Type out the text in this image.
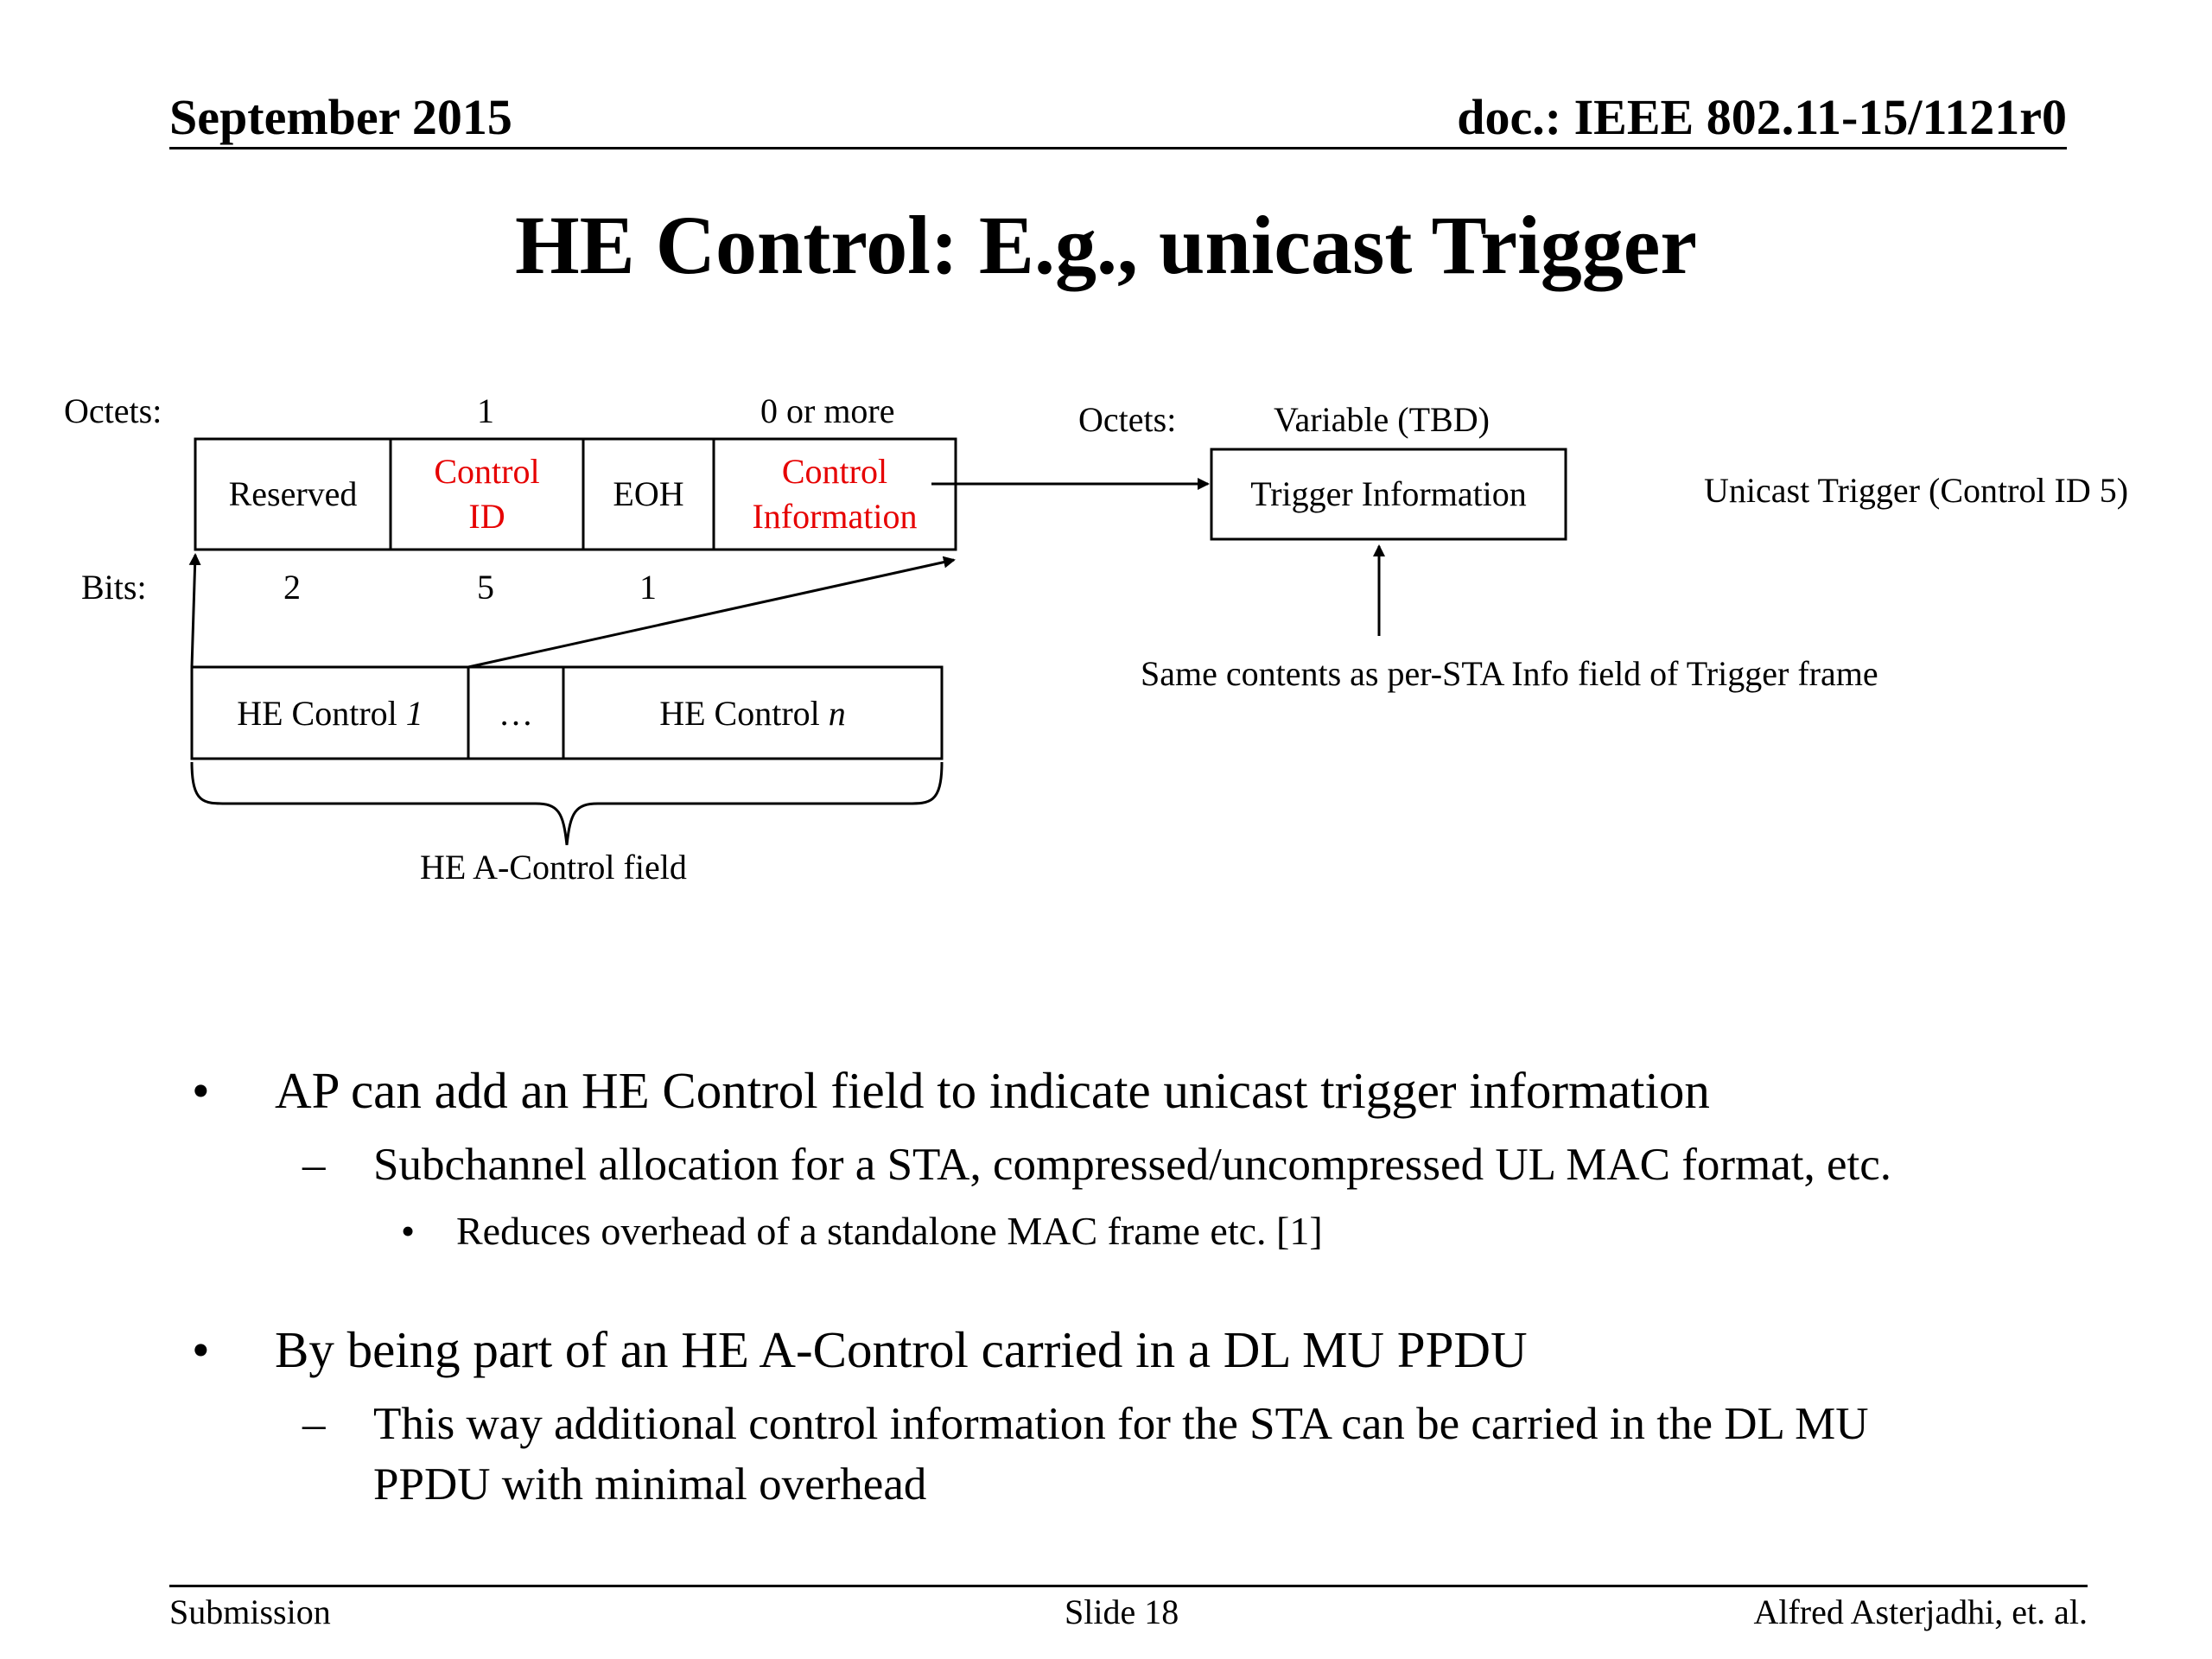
September 2015	doc.: IEEE 802.11-15/1121r0
HE Control: E.g., unicast Trigger
Octets:	1	0 or more
Reserved
Control
ID
EOH
Control
Information
Bits:	2	5	1
HE Control 1	…	HE Control n
HE A-Control field
Octets:	Variable (TBD)
Trigger Information	Unicast Trigger (Control ID 5)
Same contents as per-STA Info field of Trigger frame
• AP can add an HE Control field to indicate unicast trigger information
– Subchannel allocation for a STA, compressed/uncompressed UL MAC format, etc.
• Reduces overhead of a standalone MAC frame etc. [1]
• By being part of an HE A-Control carried in a DL MU PPDU
– This way additional control information for the STA can be carried in the DL MU
PPDU with minimal overhead
Submission	Slide 18	Alfred Asterjadhi, et. al.
